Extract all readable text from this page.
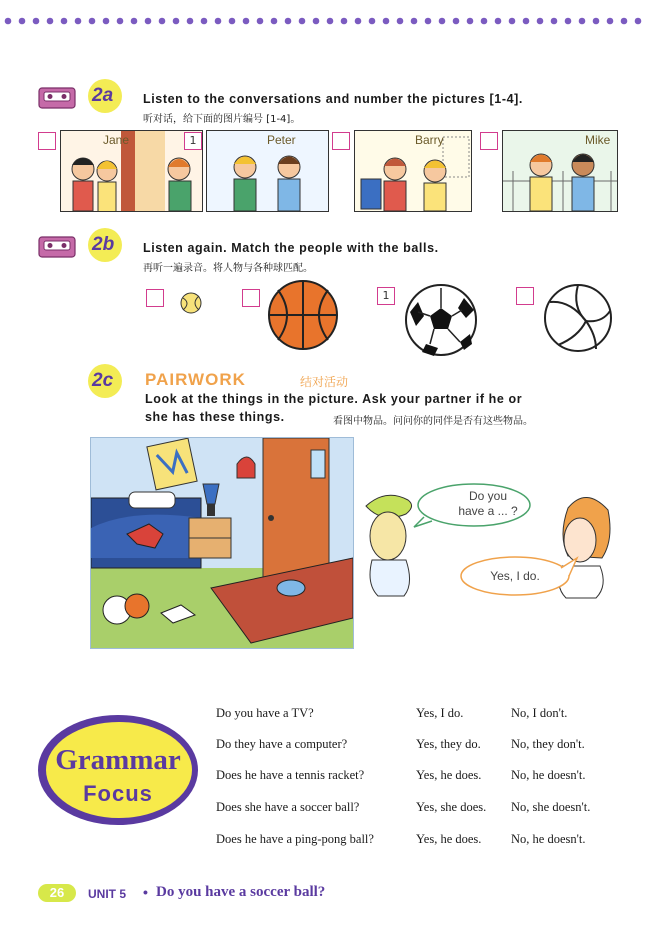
2a	Listen to the conversations and number the pictures [1-4].
听对话，给下面的图片编号 [1-4]。
Jane	1	Peter	Barry	Mike
2b	Listen again. Match the people with the balls.
再听一遍录音。将人物与各种球匹配。
1
2c	PAIRWORK	结对活动
Look at the things in the picture. Ask your partner if he or
she has these things.	看图中物品。问问你的同伴是否有这些物品。
Do you
have a ... ?
Yes, I do.
Grammar
Focus
Do you have a TV?	Yes, I do.	No, I don't.
Do they have a computer?	Yes, they do. No, they don't.
Does he have a tennis racket?	Yes, he does. No, he doesn't.
Does she have a soccer ball?	Yes, she does. No, she doesn't.
Does he have a ping-pong ball?	Yes, he does. No, he doesn't.
26	UNIT 5 • Do you have a soccer ball?
